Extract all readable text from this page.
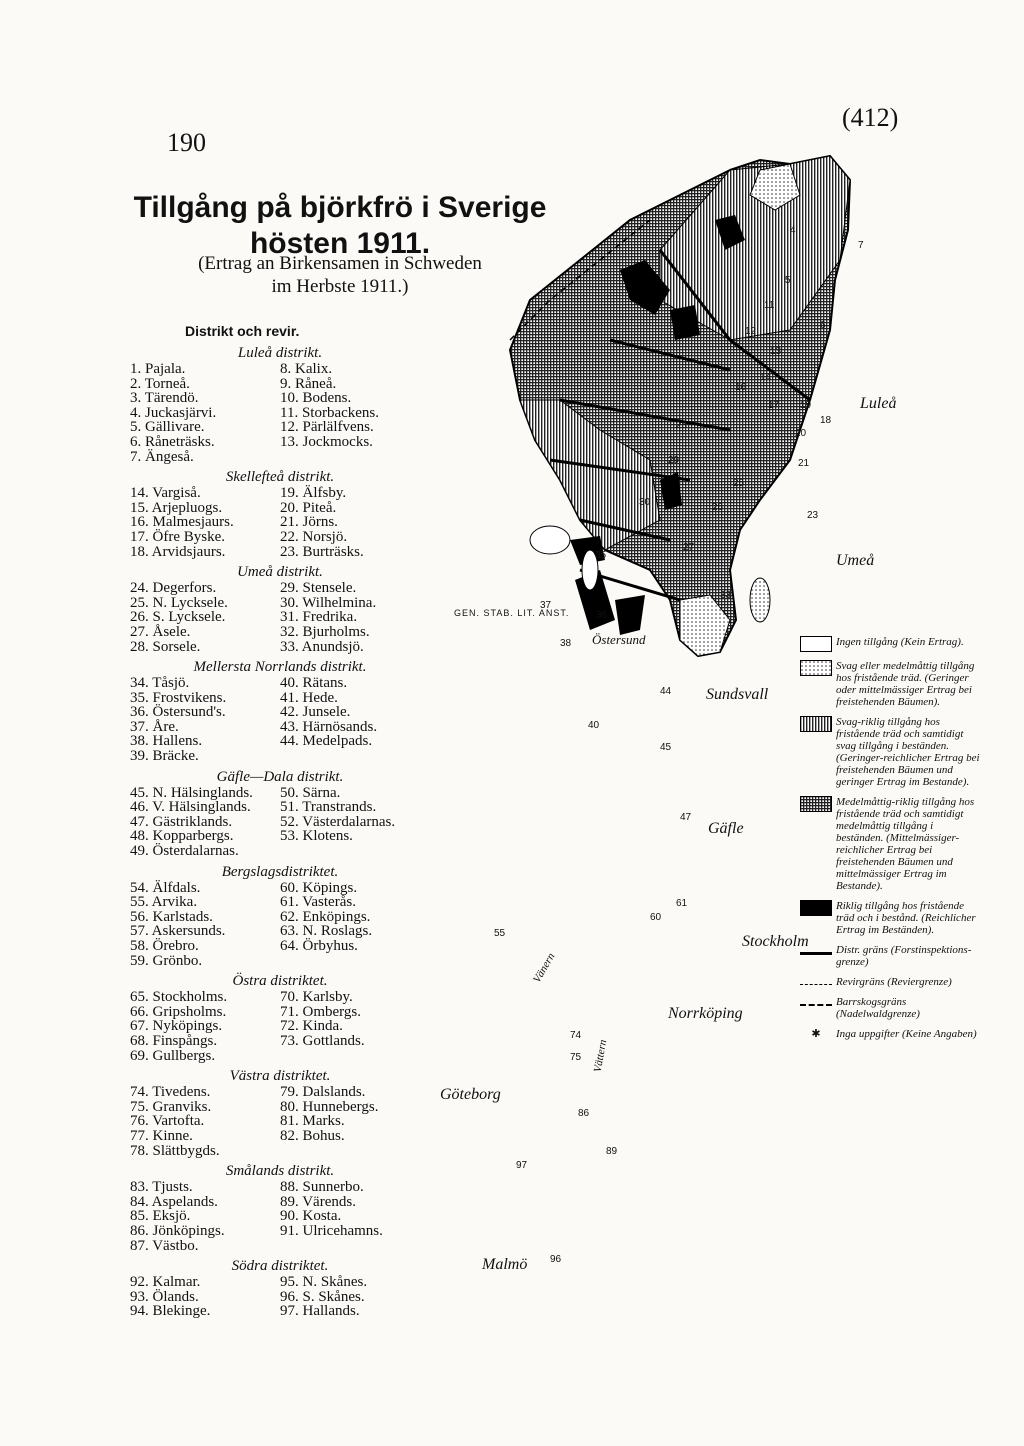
190
(412)
Tillgång på björkfrö i Sverige
hösten 1911.
(Ertrag an Birkensamen in Schweden
im Herbste 1911.)
Distrikt och revir.
Luleå distrikt.
1. Pajala.
2. Torneå.
3. Tärendö.
4. Juckasjärvi.
5. Gällivare.
6. Råneträsks.
7. Ängeså.
8. Kalix.
9. Råneå.
10. Bodens.
11. Storbackens.
12. Pärlälfvens.
13. Jockmocks.
Skellefteå distrikt.
14. Vargiså.
15. Arjepluogs.
16. Malmesjaurs.
17. Öfre Byske.
18. Arvidsjaurs.
19. Älfsby.
20. Piteå.
21. Jörns.
22. Norsjö.
23. Burträsks.
Umeå distrikt.
24. Degerfors.
25. N. Lycksele.
26. S. Lycksele.
27. Åsele.
28. Sorsele.
29. Stensele.
30. Wilhelmina.
31. Fredrika.
32. Bjurholms.
33. Anundsjö.
Mellersta Norrlands distrikt.
34. Tåsjö.
35. Frostvikens.
36. Östersund's.
37. Åre.
38. Hallens.
39. Bräcke.
40. Rätans.
41. Hede.
42. Junsele.
43. Härnösands.
44. Medelpads.
Gäfle—Dala distrikt.
45. N. Hälsinglands.
46. V. Hälsinglands.
47. Gästriklands.
48. Kopparbergs.
49. Österdalarnas.
50. Särna.
51. Transtrands.
52. Västerdalarnas.
53. Klotens.
Bergslagsdistriktet.
54. Älfdals.
55. Arvika.
56. Karlstads.
57. Askersunds.
58. Örebro.
59. Grönbo.
60. Köpings.
61. Vasterås.
62. Enköpings.
63. N. Roslags.
64. Örbyhus.
Östra distriktet.
65. Stockholms.
66. Gripsholms.
67. Nyköpings.
68. Finspångs.
69. Gullbergs.
70. Karlsby.
71. Ombergs.
72. Kinda.
73. Gottlands.
Västra distriktet.
74. Tivedens.
75. Granviks.
76. Vartofta.
77. Kinne.
78. Slättbygds.
79. Dalslands.
80. Hunnebergs.
81. Marks.
82. Bohus.
Smålands distrikt.
83. Tjusts.
84. Aspelands.
85. Eksjö.
86. Jönköpings.
87. Västbo.
88. Sunnerbo.
89. Värends.
90. Kosta.
91. Ulricehamns.
Södra distriktet.
92. Kalmar.
93. Ölands.
94. Blekinge.
95. N. Skånes.
96. S. Skånes.
97. Hallands.
Luleå
Umeå
Sundsvall
Gäfle
Stockholm
Norrköping
Göteborg
Malmö
Östersund
Vänern
Vättern
4
5
6
7
11
12
13
14
16
17
18
19
20
21
23
25
26
27
28
29
30
33
35
36
37
38
40
44
45
47
55
60
61
74
75
86
89
96
97
Ingen tillgång (Kein Ertrag).
Svag eller medelmåttig tillgång hos fristående träd. (Geringer oder mittelmässiger Ertrag bei freistehenden Bäumen).
Svag-riklig tillgång hos fristående träd och samtidigt svag tillgång i beständen. (Geringer-reichlicher Ertrag bei freistehenden Bäumen und geringer Ertrag im Bestande).
Medelmåttig-riklig tillgång hos fristående träd och samtidigt medelmåttig tillgång i beständen. (Mittelmässiger-reichlicher Ertrag bei freistehenden Bäumen und mittelmässiger Ertrag im Bestande).
Riklig tillgång hos fristående träd och i bestånd. (Reichlicher Ertrag im Beständen).
Distr. gräns (Forstinspektions-grenze)
Revirgräns (Reviergrenze)
Barrskogsgräns (Nadelwaldgrenze)
✱	Inga uppgifter (Keine Angaben)
GEN. STAB. LIT. ANST.
